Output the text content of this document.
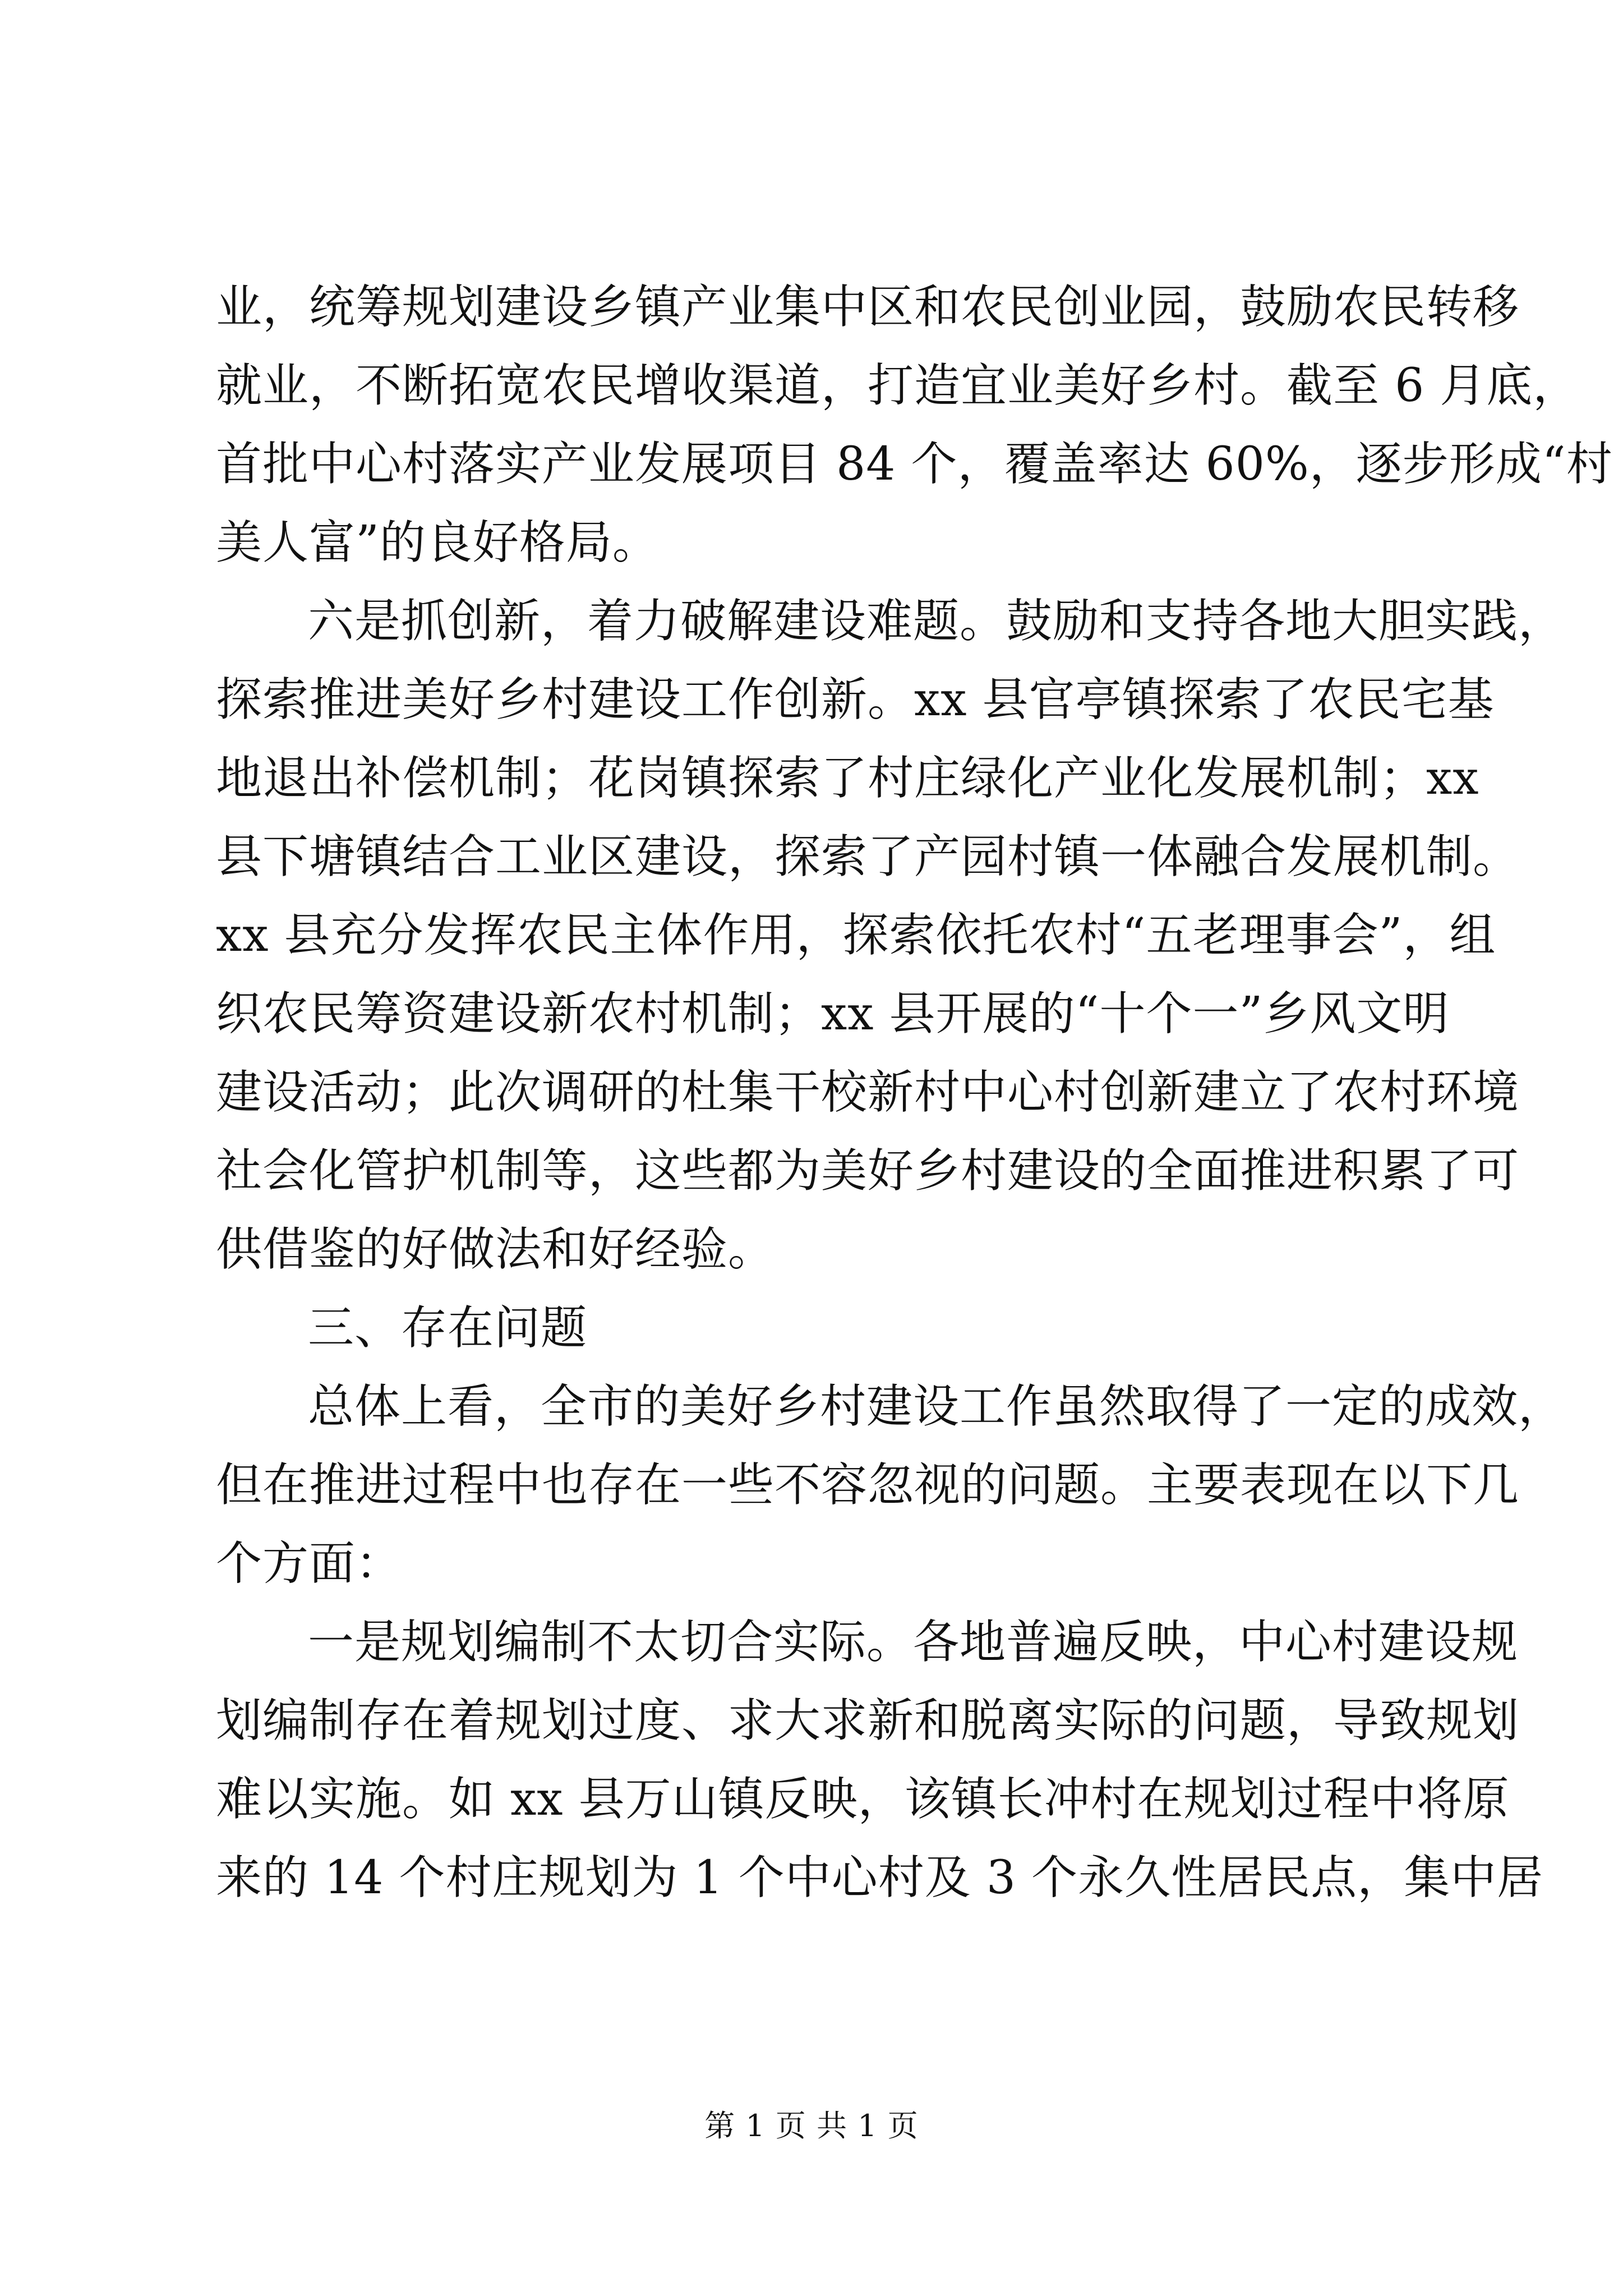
业，统筹规划建设乡镇产业集中区和农民创业园，鼓励农民转移
就业，不断拓宽农民增收渠道，打造宜业美好乡村。截至 6 月底，
首批中心村落实产业发展项目 84 个，覆盖率达 60%，逐步形成“村
美人富”的良好格局。
六是抓创新，着力破解建设难题。鼓励和支持各地大胆实践，
探索推进美好乡村建设工作创新。xx 县官亭镇探索了农民宅基
地退出补偿机制；花岗镇探索了村庄绿化产业化发展机制；xx
县下塘镇结合工业区建设，探索了产园村镇一体融合发展机制。
xx 县充分发挥农民主体作用，探索依托农村“五老理事会”，组
织农民筹资建设新农村机制；xx 县开展的“十个一”乡风文明
建设活动；此次调研的杜集干校新村中心村创新建立了农村环境
社会化管护机制等，这些都为美好乡村建设的全面推进积累了可
供借鉴的好做法和好经验。
三、存在问题
总体上看，全市的美好乡村建设工作虽然取得了一定的成效，
但在推进过程中也存在一些不容忽视的问题。主要表现在以下几
个方面：
一是规划编制不太切合实际。各地普遍反映，中心村建设规
划编制存在着规划过度、求大求新和脱离实际的问题，导致规划
难以实施。如 xx 县万山镇反映，该镇长冲村在规划过程中将原
来的 14 个村庄规划为 1 个中心村及 3 个永久性居民点，集中居
第 1 页 共 1 页
